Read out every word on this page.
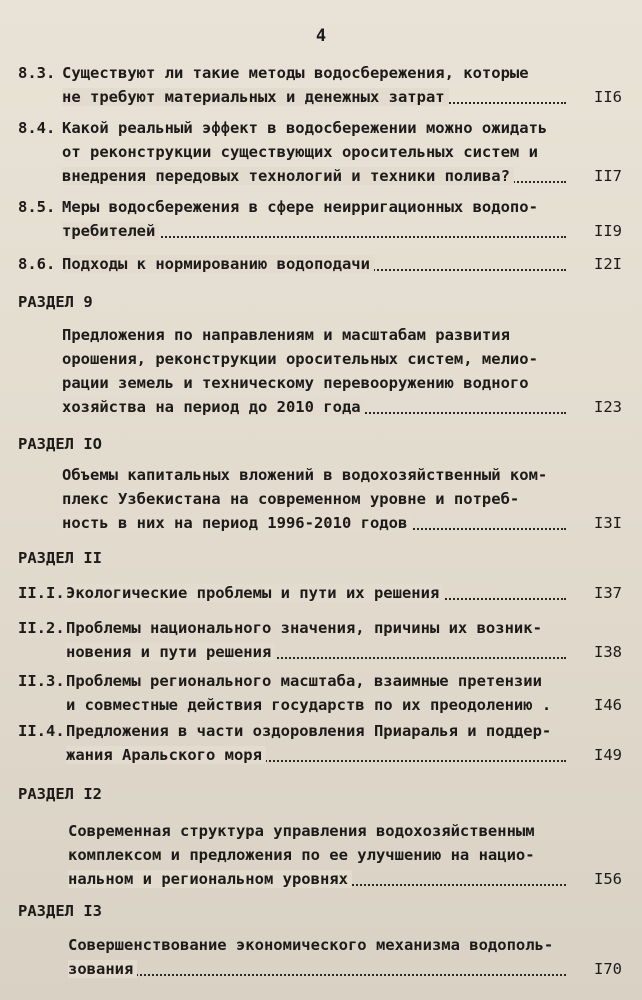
4
8.3. Существуют ли такие методы водосбережения, которые
не требуют материальных и денежных затрат	II6
8.4. Какой реальный эффект в водосбережении можно ожидать
от реконструкции существующих оросительных систем и
внедрения передовых технологий и техники полива?	II7
8.5. Меры водосбережения в сфере неирригационных водопо-
требителей	II9
8.6. Подходы к нормированию водоподачи	I2I
РАЗДЕЛ 9
Предложения по направлениям и масштабам развития
орошения, реконструкции оросительных систем, мелио-
рации земель и техническому перевооружению водного
хозяйства на период до 2010 года	I23
РАЗДЕЛ IO
Объемы капитальных вложений в водохозяйственный ком-
плекс Узбекистана на современном уровне и потреб-
ность в них на период 1996-2010 годов	I3I
РАЗДЕЛ II
II.I. Экологические проблемы и пути их решения	I37
II.2. Проблемы национального значения, причины их возник-
новения и пути решения	I38
II.3. Проблемы регионального масштаба, взаимные претензии
и совместные действия государств по их преодолению .	I46
II.4. Предложения в части оздоровления Приаралья и поддер-
жания Аральского моря	I49
РАЗДЕЛ I2
Современная структура управления водохозяйственным
комплексом и предложения по ее улучшению на нацио-
нальном и региональном уровнях	I56
РАЗДЕЛ I3
Совершенствование экономического механизма водополь-
зования	I70
